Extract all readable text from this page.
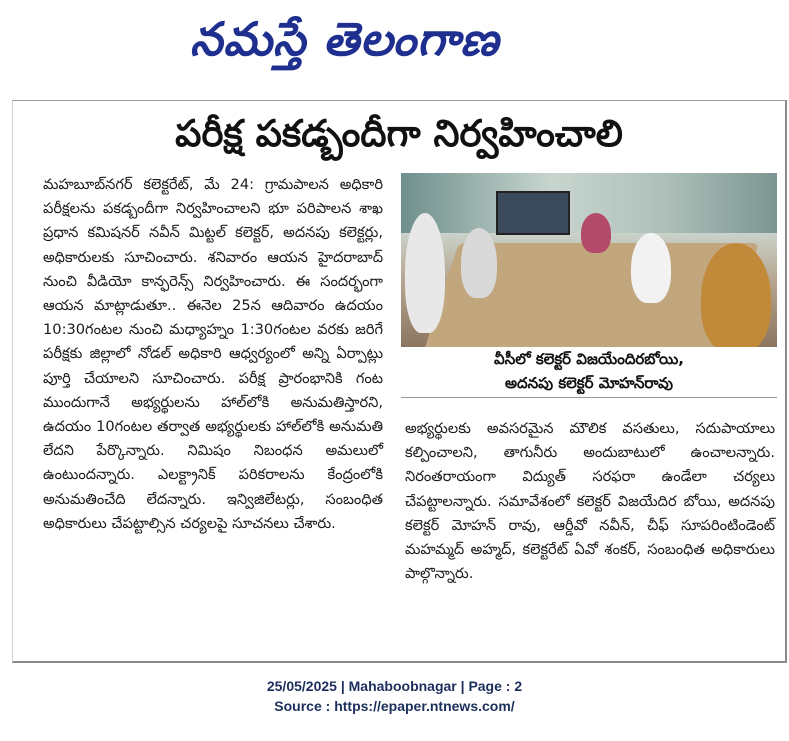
నమస్తే తెలంగాణ
పరీక్ష పకడ్బందీగా నిర్వహించాలి

మహబూబ్‌నగర్ కలెక్టరేట్, మే 24: గ్రామపాలన అధికారి పరీక్షలను పకడ్బందీగా నిర్వహించాలని భూ పరిపాలన శాఖ ప్రధాన కమిషనర్ నవీన్ మిట్టల్ కలెక్టర్, అదనపు కలెక్టర్లు, అధికారులకు సూచించారు. శనివారం ఆయన హైదరాబాద్ నుంచి వీడియో కాన్ఫరెన్స్ నిర్వహించారు. ఈ సందర్భంగా ఆయన మాట్లాడుతూ.. ఈనెల 25న ఆదివారం ఉదయం 10:30గంటల నుంచి మధ్యాహ్నం 1:30గంటల వరకు జరిగే పరీక్షకు జిల్లాలో నోడల్ అధికారి ఆధ్వర్యంలో అన్ని ఏర్పాట్లు పూర్తి చేయాలని సూచించారు. పరీక్ష ప్రారంభానికి గంట ముందుగానే అభ్యర్థులను హాల్‌లోకి అనుమతిస్తారని, ఉదయం 10గంటల తర్వాత అభ్యర్థులకు హాల్‌లోకి అనుమతి లేదని పేర్కొన్నారు. నిమిషం నిబంధన అమలులో ఉంటుందన్నారు. ఎలక్ట్రానిక్ పరికరాలను కేంద్రంలోకి అనుమతించేది లేదన్నారు. ఇన్విజిలేటర్లు, సంబంధిత అధికారులు చేపట్టాల్సిన చర్యలపై సూచనలు చేశారు.

వీసీలో కలెక్టర్ విజయేందిరబోయి,
అదనపు కలెక్టర్ మోహన్‌రావు

అభ్యర్థులకు అవసరమైన మౌలిక వసతులు, సదుపాయాలు కల్పించాలని, తాగునీరు అందుబాటులో ఉంచాలన్నారు. నిరంతరాయంగా విద్యుత్ సరఫరా ఉండేలా చర్యలు చేపట్టాలన్నారు. సమావేశంలో కలెక్టర్ విజయేదిర బోయి, అదనపు కలెక్టర్ మోహన్ రావు, ఆర్డీవో నవీన్, చీఫ్ సూపరింటిండెంట్ మహమ్మద్ అహ్మద్, కలెక్టరేట్ ఏవో శంకర్, సంబంధిత అధికారులు పాల్గొన్నారు.

25/05/2025 | Mahaboobnagar | Page : 2
Source : https://epaper.ntnews.com/
